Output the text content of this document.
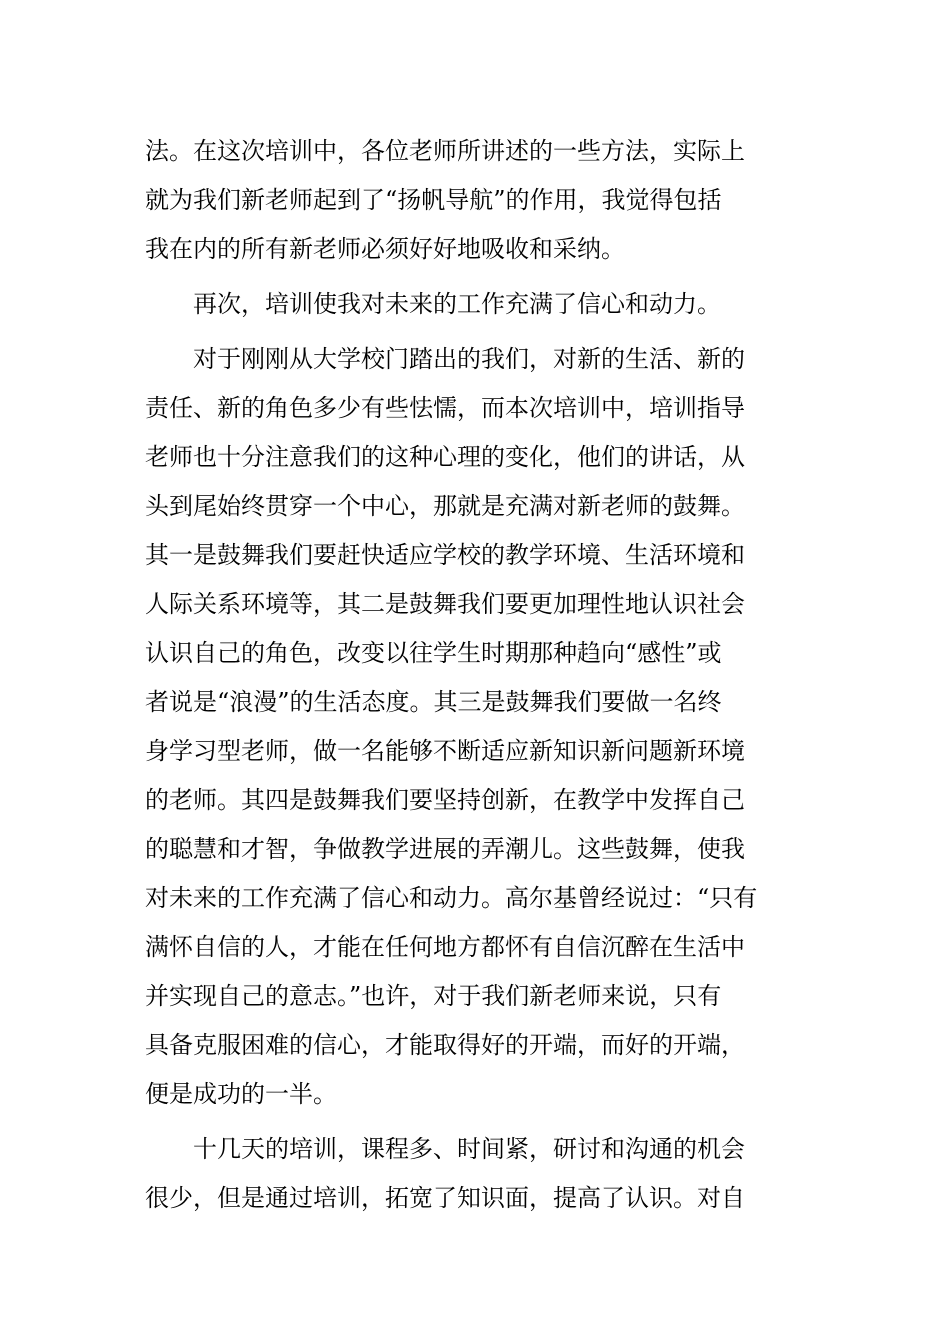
法。在这次培训中，各位老师所讲述的一些方法，实际上
就为我们新老师起到了“扬帆导航”的作用，我觉得包括
我在内的所有新老师必须好好地吸收和采纳。
　　再次，培训使我对未来的工作充满了信心和动力。
　　对于刚刚从大学校门踏出的我们，对新的生活、新的
责任、新的角色多少有些怯懦，而本次培训中，培训指导
老师也十分注意我们的这种心理的变化，他们的讲话，从
头到尾始终贯穿一个中心，那就是充满对新老师的鼓舞。
其一是鼓舞我们要赶快适应学校的教学环境、生活环境和
人际关系环境等，其二是鼓舞我们要更加理性地认识社会
认识自己的角色，改变以往学生时期那种趋向“感性”或
者说是“浪漫”的生活态度。其三是鼓舞我们要做一名终
身学习型老师，做一名能够不断适应新知识新问题新环境
的老师。其四是鼓舞我们要坚持创新，在教学中发挥自己
的聪慧和才智，争做教学进展的弄潮儿。这些鼓舞，使我
对未来的工作充满了信心和动力。高尔基曾经说过：“只有
满怀自信的人，才能在任何地方都怀有自信沉醉在生活中
并实现自己的意志。”也许，对于我们新老师来说，只有
具备克服困难的信心，才能取得好的开端，而好的开端，
便是成功的一半。
　　十几天的培训，课程多、时间紧，研讨和沟通的机会
很少，但是通过培训，拓宽了知识面，提高了认识。对自
